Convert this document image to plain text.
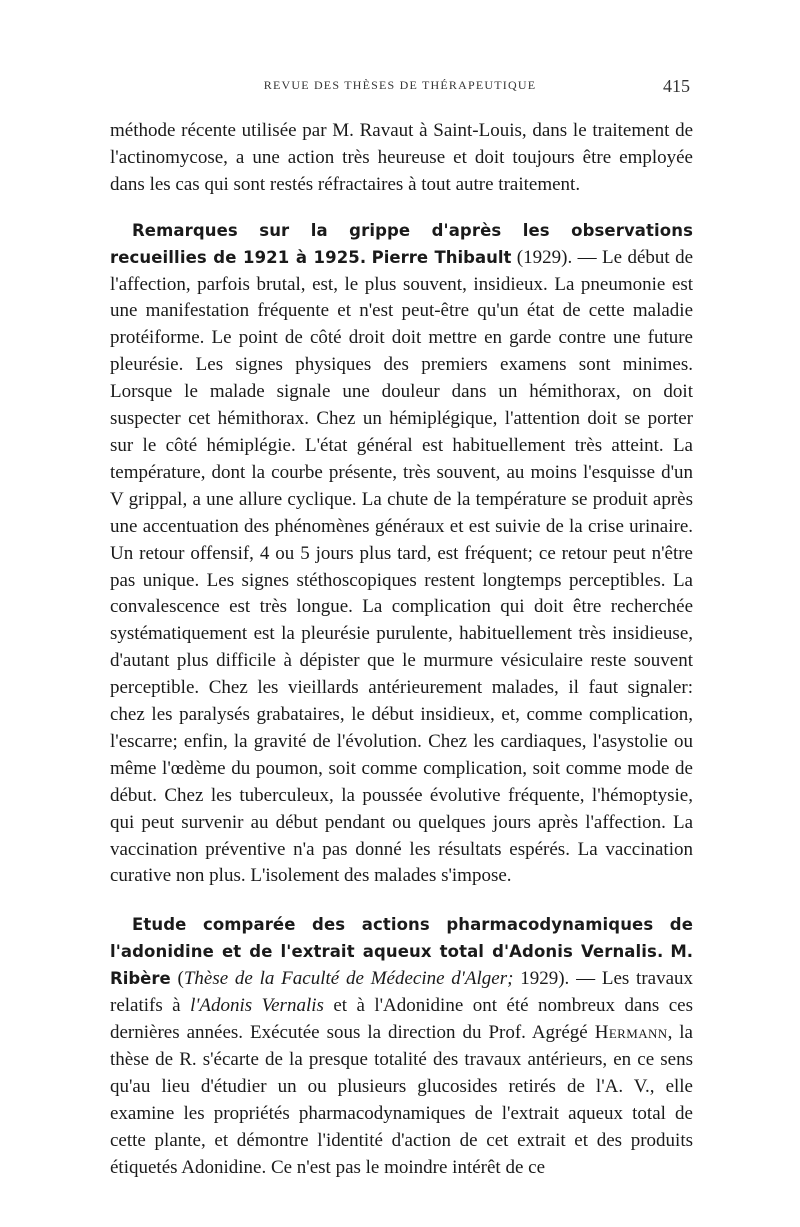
REVUE DES THÈSES DE THÉRAPEUTIQUE	415

méthode récente utilisée par M. Ravaut à Saint-Louis, dans le traitement de l'actinomycose, a une action très heureuse et doit toujours être employée dans les cas qui sont restés réfractaires à tout autre traitement.

Remarques sur la grippe d'après les observations recueillies de 1921 à 1925. Pierre Thibault (1929). — Le début de l'affection, parfois brutal, est, le plus souvent, insidieux. La pneumonie est une manifestation fréquente et n'est peut-être qu'un état de cette maladie protéiforme. Le point de côté droit doit mettre en garde contre une future pleurésie. Les signes physiques des premiers examens sont minimes. Lorsque le malade signale une douleur dans un hémithorax, on doit suspecter cet hémithorax. Chez un hémiplégique, l'attention doit se porter sur le côté hémiplégie. L'état général est habituellement très atteint. La température, dont la courbe présente, très souvent, au moins l'esquisse d'un V grippal, a une allure cyclique. La chute de la température se produit après une accentuation des phénomènes généraux et est suivie de la crise urinaire. Un retour offensif, 4 ou 5 jours plus tard, est fréquent; ce retour peut n'être pas unique. Les signes stéthoscopiques restent longtemps perceptibles. La convalescence est très longue. La complication qui doit être recherchée systématiquement est la pleurésie purulente, habituellement très insidieuse, d'autant plus difficile à dépister que le murmure vésiculaire reste souvent perceptible. Chez les vieillards antérieurement malades, il faut signaler: chez les paralysés grabataires, le début insidieux, et, comme complication, l'escarre; enfin, la gravité de l'évolution. Chez les cardiaques, l'asystolie ou même l'œdème du poumon, soit comme complication, soit comme mode de début. Chez les tuberculeux, la poussée évolutive fréquente, l'hémoptysie, qui peut survenir au début pendant ou quelques jours après l'affection. La vaccination préventive n'a pas donné les résultats espérés. La vaccination curative non plus. L'isolement des malades s'impose.

Etude comparée des actions pharmacodynamiques de l'adonidine et de l'extrait aqueux total d'Adonis Vernalis. M. Ribère (Thèse de la Faculté de Médecine d'Alger; 1929). — Les travaux relatifs à l'Adonis Vernalis et à l'Adonidine ont été nombreux dans ces dernières années. Exécutée sous la direction du Prof. Agrégé Hermann, la thèse de R. s'écarte de la presque totalité des travaux antérieurs, en ce sens qu'au lieu d'étudier un ou plusieurs glucosides retirés de l'A. V., elle examine les propriétés pharmacodynamiques de l'extrait aqueux total de cette plante, et démontre l'identité d'action de cet extrait et des produits étiquetés Adonidine. Ce n'est pas le moindre intérêt de ce
